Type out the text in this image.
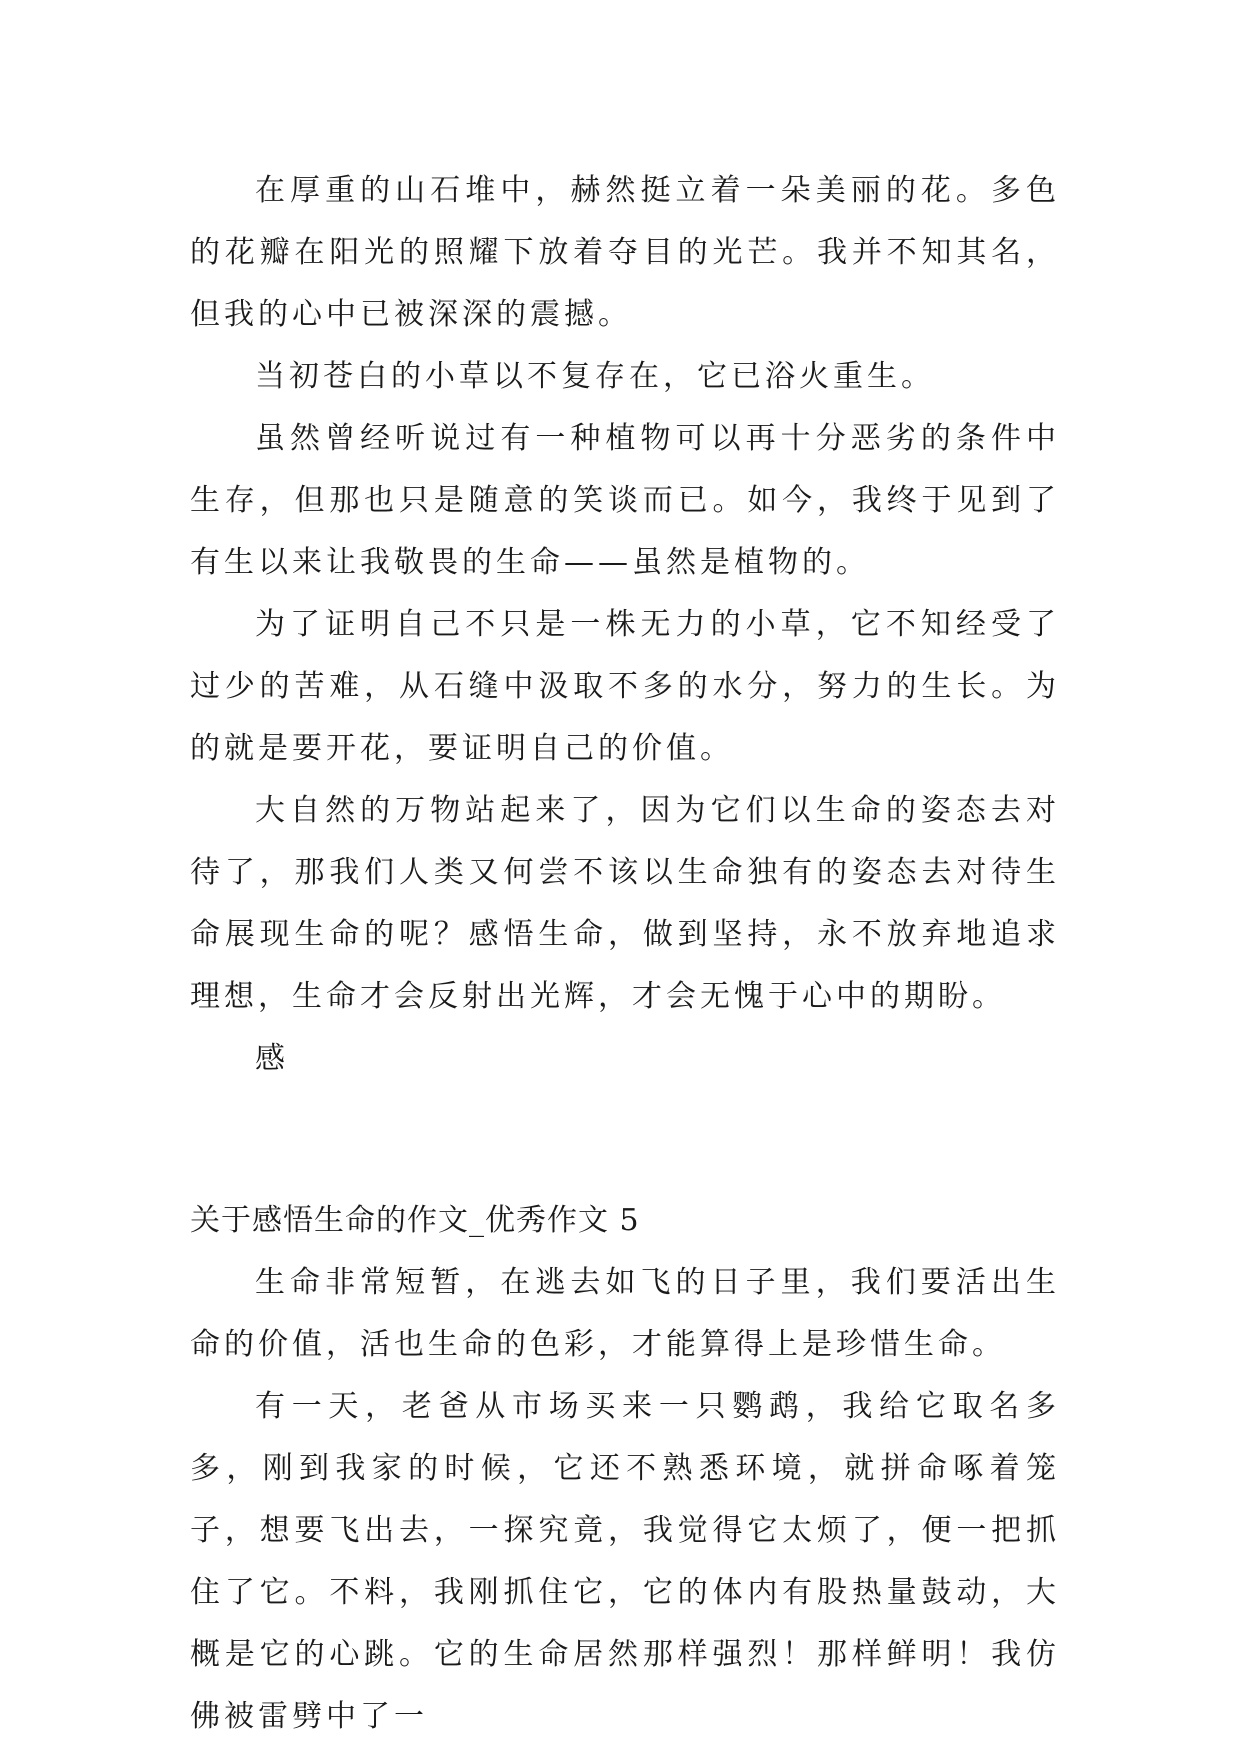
在厚重的山石堆中，赫然挺立着一朵美丽的花。多色的花瓣在阳光的照耀下放着夺目的光芒。我并不知其名，但我的心中已被深深的震撼。

当初苍白的小草以不复存在，它已浴火重生。

虽然曾经听说过有一种植物可以再十分恶劣的条件中生存，但那也只是随意的笑谈而已。如今，我终于见到了有生以来让我敬畏的生命——虽然是植物的。

为了证明自己不只是一株无力的小草，它不知经受了过少的苦难，从石缝中汲取不多的水分，努力的生长。为的就是要开花，要证明自己的价值。

大自然的万物站起来了，因为它们以生命的姿态去对待了，那我们人类又何尝不该以生命独有的姿态去对待生命展现生命的呢？感悟生命，做到坚持，永不放弃地追求理想，生命才会反射出光辉，才会无愧于心中的期盼。

感

关于感悟生命的作文_优秀作文 5

生命非常短暂，在逃去如飞的日子里，我们要活出生命的价值，活也生命的色彩，才能算得上是珍惜生命。

有一天，老爸从市场买来一只鹦鹉，我给它取名多多，刚到我家的时候，它还不熟悉环境，就拼命啄着笼子，想要飞出去，一探究竟，我觉得它太烦了，便一把抓住了它。不料，我刚抓住它，它的体内有股热量鼓动，大概是它的心跳。它的生命居然那样强烈！那样鲜明！我仿佛被雷劈中了一
